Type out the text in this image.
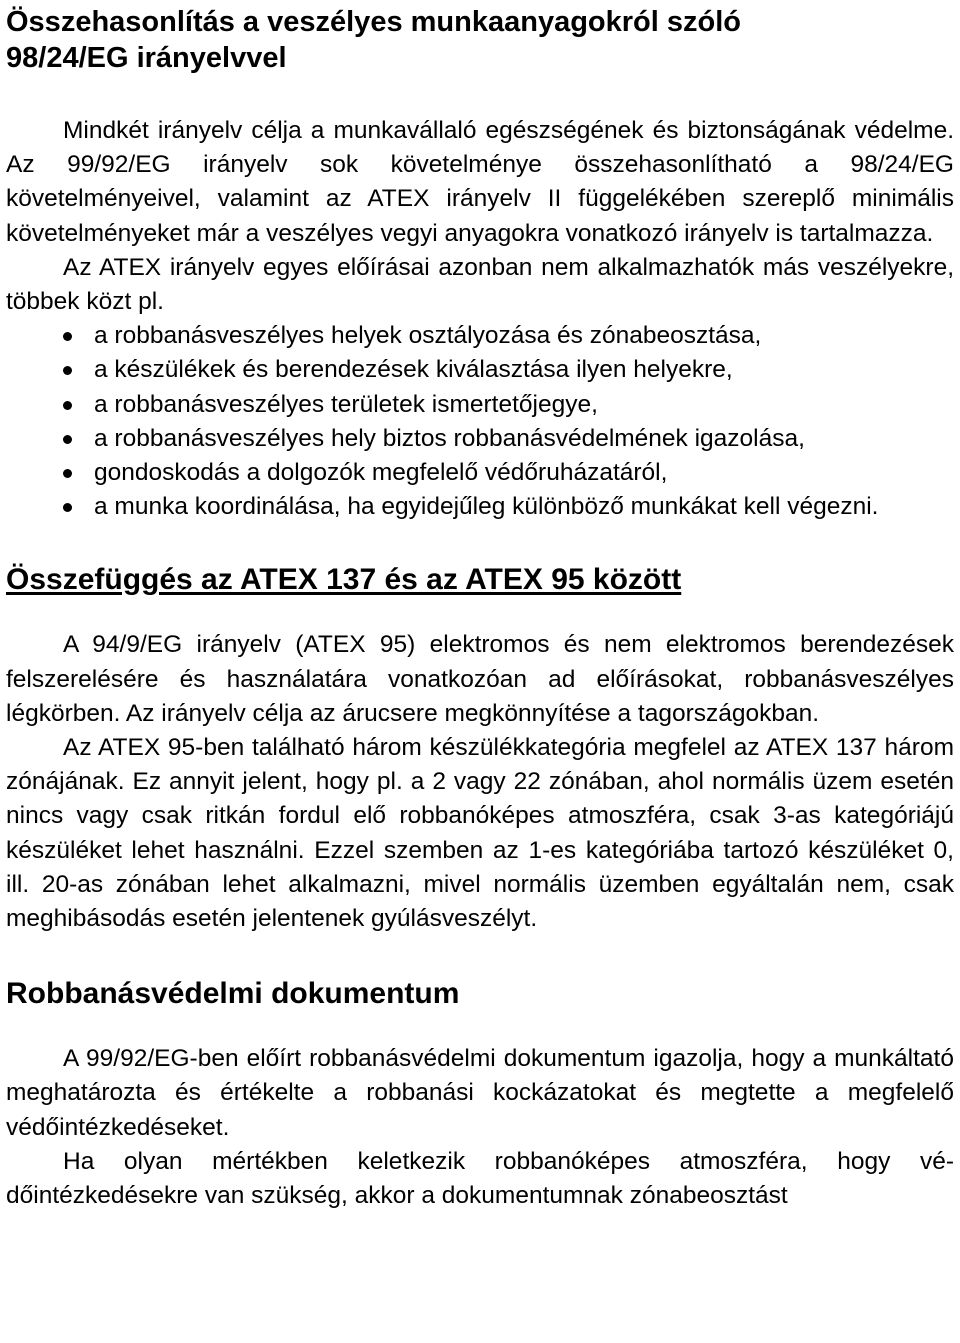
Összehasonlítás a veszélyes munkaanyagokról szóló
98/24/EG irányelvvel

Mindkét irányelv célja a munkavállaló egészségének és biztonságának védelme. Az 99/92/EG irányelv sok követelménye összehasonlítható a 98/24/EG követelményeivel, valamint az ATEX irányelv II függelékében szereplő minimális követelményeket már a veszélyes vegyi anyagokra vonatkozó irányelv is tartalmazza.

Az ATEX irányelv egyes előírásai azonban nem alkalmazhatók más veszélyekre, többek közt pl.

a robbanásveszélyes helyek osztályozása és zónabeosztása,
a készülékek és berendezések kiválasztása ilyen helyekre,
a robbanásveszélyes területek ismertetőjegye,
a robbanásveszélyes hely biztos robbanásvédelmének igazolása,
gondoskodás a dolgozók megfelelő védőruházatáról,
a munka koordinálása, ha egyidejűleg különböző munkákat kell végezni.
Összefüggés az ATEX 137 és az ATEX 95 között

A 94/9/EG irányelv (ATEX 95) elektromos és nem elektromos berendezések felszerelésére és használatára vonatkozóan ad előírásokat, robbanásveszélyes légkörben. Az irányelv célja az árucsere megkönnyítése a tagországokban.

Az ATEX 95-ben található három készülékkategória megfelel az ATEX 137 három zónájának. Ez annyit jelent, hogy pl. a 2 vagy 22 zónában, ahol normális üzem esetén nincs vagy csak ritkán fordul elő robbanóképes atmoszféra, csak 3-as kategóriájú készüléket lehet használni. Ezzel szemben az 1-es kategóriába tartozó készüléket 0, ill. 20-as zónában lehet alkalmazni, mivel normális üzemben egyáltalán nem, csak meghibásodás esetén jelentenek gyúlásveszélyt.

Robbanásvédelmi dokumentum

A 99/92/EG-ben előírt robbanásvédelmi dokumentum igazolja, hogy a munkáltató meghatározta és értékelte a robbanási kockázatokat és megtette a megfelelő védőintézkedéseket.

Ha olyan mértékben keletkezik robbanóképes atmoszféra, hogy védőintézkedésekre van szükség, akkor a dokumentumnak zónabeosztást
